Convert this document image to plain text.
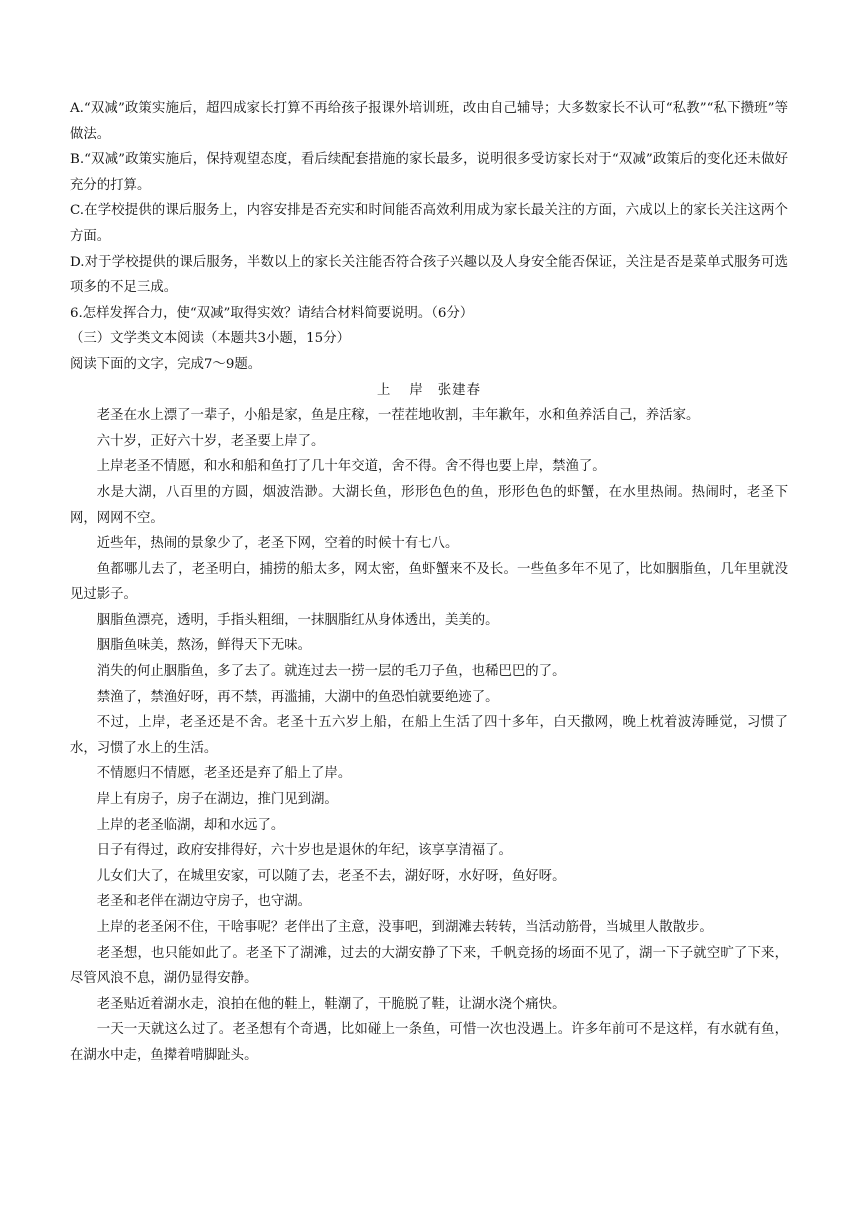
A.“双减”政策实施后，超四成家长打算不再给孩子报课外培训班，改由自己辅导；大多数家长不认可“私教”“私下攒班”等做法。

B.“双减”政策实施后，保持观望态度，看后续配套措施的家长最多，说明很多受访家长对于“双减”政策后的变化还未做好充分的打算。

C.在学校提供的课后服务上，内容安排是否充实和时间能否高效利用成为家长最关注的方面，六成以上的家长关注这两个方面。

D.对于学校提供的课后服务，半数以上的家长关注能否符合孩子兴趣以及人身安全能否保证，关注是否是菜单式服务可选项多的不足三成。

6.怎样发挥合力，使“双减”取得实效？请结合材料简要说明。（6分）

（三）文学类文本阅读（本题共3小题，15分）

阅读下面的文字，完成7～9题。

上 岸 张建春

老圣在水上漂了一辈子，小船是家，鱼是庄稼，一茬茬地收割，丰年歉年，水和鱼养活自己，养活家。

六十岁，正好六十岁，老圣要上岸了。

上岸老圣不情愿，和水和船和鱼打了几十年交道，舍不得。舍不得也要上岸，禁渔了。

水是大湖，八百里的方圆，烟波浩渺。大湖长鱼，形形色色的鱼，形形色色的虾蟹，在水里热闹。热闹时，老圣下网，网网不空。

近些年，热闹的景象少了，老圣下网，空着的时候十有七八。

鱼都哪儿去了，老圣明白，捕捞的船太多，网太密，鱼虾蟹来不及长。一些鱼多年不见了，比如胭脂鱼，几年里就没见过影子。

胭脂鱼漂亮，透明，手指头粗细，一抹胭脂红从身体透出，美美的。

胭脂鱼味美，熬汤，鲜得天下无味。

消失的何止胭脂鱼，多了去了。就连过去一捞一层的毛刀子鱼，也稀巴巴的了。

禁渔了，禁渔好呀，再不禁，再滥捕，大湖中的鱼恐怕就要绝迹了。

不过，上岸，老圣还是不舍。老圣十五六岁上船，在船上生活了四十多年，白天撒网，晚上枕着波涛睡觉，习惯了水，习惯了水上的生活。

不情愿归不情愿，老圣还是弃了船上了岸。

岸上有房子，房子在湖边，推门见到湖。

上岸的老圣临湖，却和水远了。

日子有得过，政府安排得好，六十岁也是退休的年纪，该享享清福了。

儿女们大了，在城里安家，可以随了去，老圣不去，湖好呀，水好呀，鱼好呀。

老圣和老伴在湖边守房子，也守湖。

上岸的老圣闲不住，干啥事呢？老伴出了主意，没事吧，到湖滩去转转，当活动筋骨，当城里人散散步。

老圣想，也只能如此了。老圣下了湖滩，过去的大湖安静了下来，千帆竞扬的场面不见了，湖一下子就空旷了下来，尽管风浪不息，湖仍显得安静。

老圣贴近着湖水走，浪拍在他的鞋上，鞋潮了，干脆脱了鞋，让湖水浇个痛快。

一天一天就这么过了。老圣想有个奇遇，比如碰上一条鱼，可惜一次也没遇上。许多年前可不是这样，有水就有鱼，在湖水中走，鱼撵着啃脚趾头。
